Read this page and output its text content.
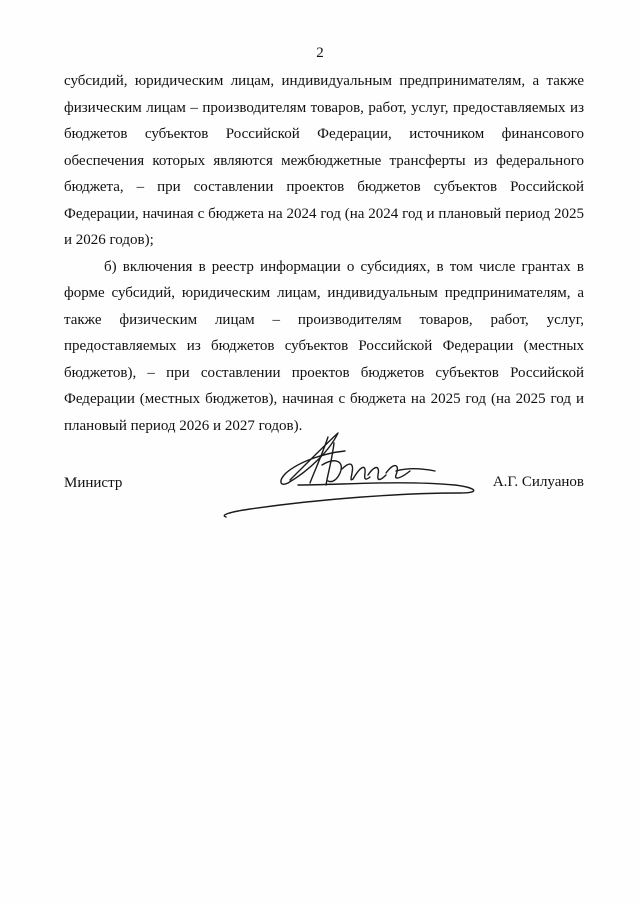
2

субсидий, юридическим лицам, индивидуальным предпринимателям, а также физическим лицам – производителям товаров, работ, услуг, предоставляемых из бюджетов субъектов Российской Федерации, источником финансового обеспечения которых являются межбюджетные трансферты из федерального бюджета, – при составлении проектов бюджетов субъектов Российской Федерации, начиная с бюджета на 2024 год (на 2024 год и плановый период 2025 и 2026 годов);

б) включения в реестр информации о субсидиях, в том числе грантах в форме субсидий, юридическим лицам, индивидуальным предпринимателям, а также физическим лицам – производителям товаров, работ, услуг, предоставляемых из бюджетов субъектов Российской Федерации (местных бюджетов), – при составлении проектов бюджетов субъектов Российской Федерации (местных бюджетов), начиная с бюджета на 2025 год (на 2025 год и плановый период 2026 и 2027 годов).

Министр	А.Г. Силуанов
